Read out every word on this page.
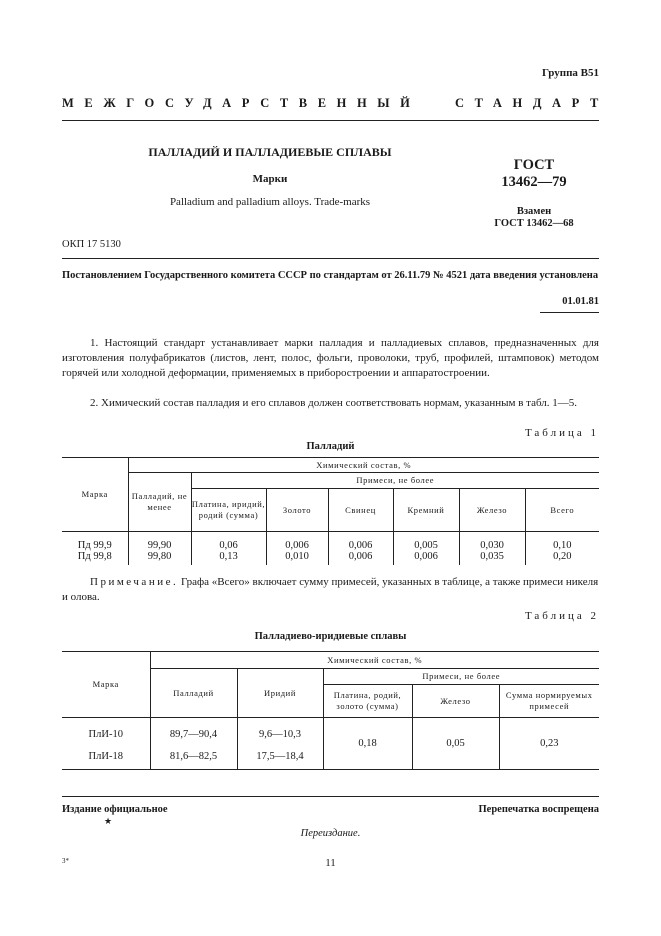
Группа В51
МЕЖГОСУДАРСТВЕННЫЙ	СТАНДАРТ
ПАЛЛАДИЙ И ПАЛЛАДИЕВЫЕ СПЛАВЫ
Марки
Palladium and palladium alloys. Trade-marks
ГОСТ
13462—79
Взамен
ГОСТ 13462—68
ОКП 17 5130
Постановлением Государственного комитета СССР по стандартам от 26.11.79 № 4521 дата введения установлена
01.01.81
1. Настоящий стандарт устанавливает марки палладия и палладиевых сплавов, предназначенных для изготовления полуфабрикатов (листов, лент, полос, фольги, проволоки, труб, профилей, штамповок) методом горячей или холодной деформации, применяемых в приборостроении и аппаратостроении.
2. Химический состав палладия и его сплавов должен соответствовать нормам, указанным в табл. 1—5.
Таблица 1
Палладий
Марка	Химический состав, %						
	Палладий, не менее	Примеси, не более					
		Платина, иридий, родий (сумма)	Золото	Свинец	Кремний	Железо	Всего
Пд 99,9	99,90	0,06	0,006	0,006	0,005	0,030	0,10
Пд 99,8	99,80	0,13	0,010	0,006	0,006	0,035	0,20
Примечание. Графа «Всего» включает сумму примесей, указанных в таблице, а также примеси никеля и олова.
Таблица 2
Палладиево-иридиевые сплавы
Марка	Химический состав, %				
	Палладий	Иридий	Примеси, не более		
			Платина, родий, золото (сумма)	Железо	Сумма нормируемых примесей
ПлИ-10	89,7—90,4	9,6—10,3	0,18	0,05	0,23
ПлИ-18	81,6—82,5	17,5—18,4			
Издание официальное	Перепечатка воспрещена
★
Переиздание.
3*	11
